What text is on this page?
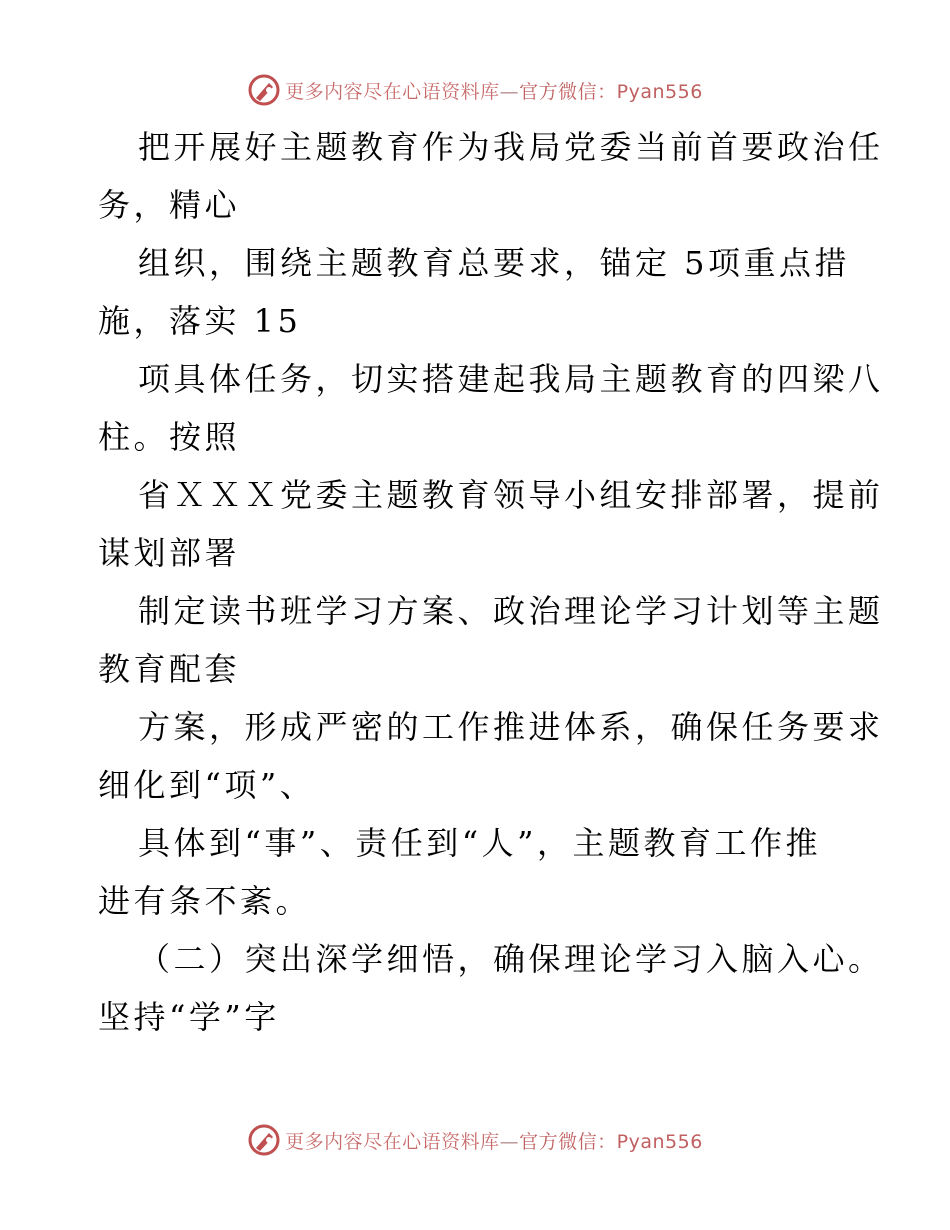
更多内容尽在心语资料库—官方微信：Pyan556
把开展好主题教育作为我局党委当前首要政治任
务，精心
组织，围绕主题教育总要求，锚定 5项重点措
施，落实 15
项具体任务，切实搭建起我局主题教育的四梁八
柱。按照
省ＸＸＸ党委主题教育领导小组安排部署，提前
谋划部署
制定读书班学习方案、政治理论学习计划等主题
教育配套
方案，形成严密的工作推进体系，确保任务要求
细化到“项”、
具体到“事”、责任到“人”，主题教育工作推
进有条不紊。
（二）突出深学细悟，确保理论学习入脑入心。
坚持“学”字
更多内容尽在心语资料库—官方微信：Pyan556
